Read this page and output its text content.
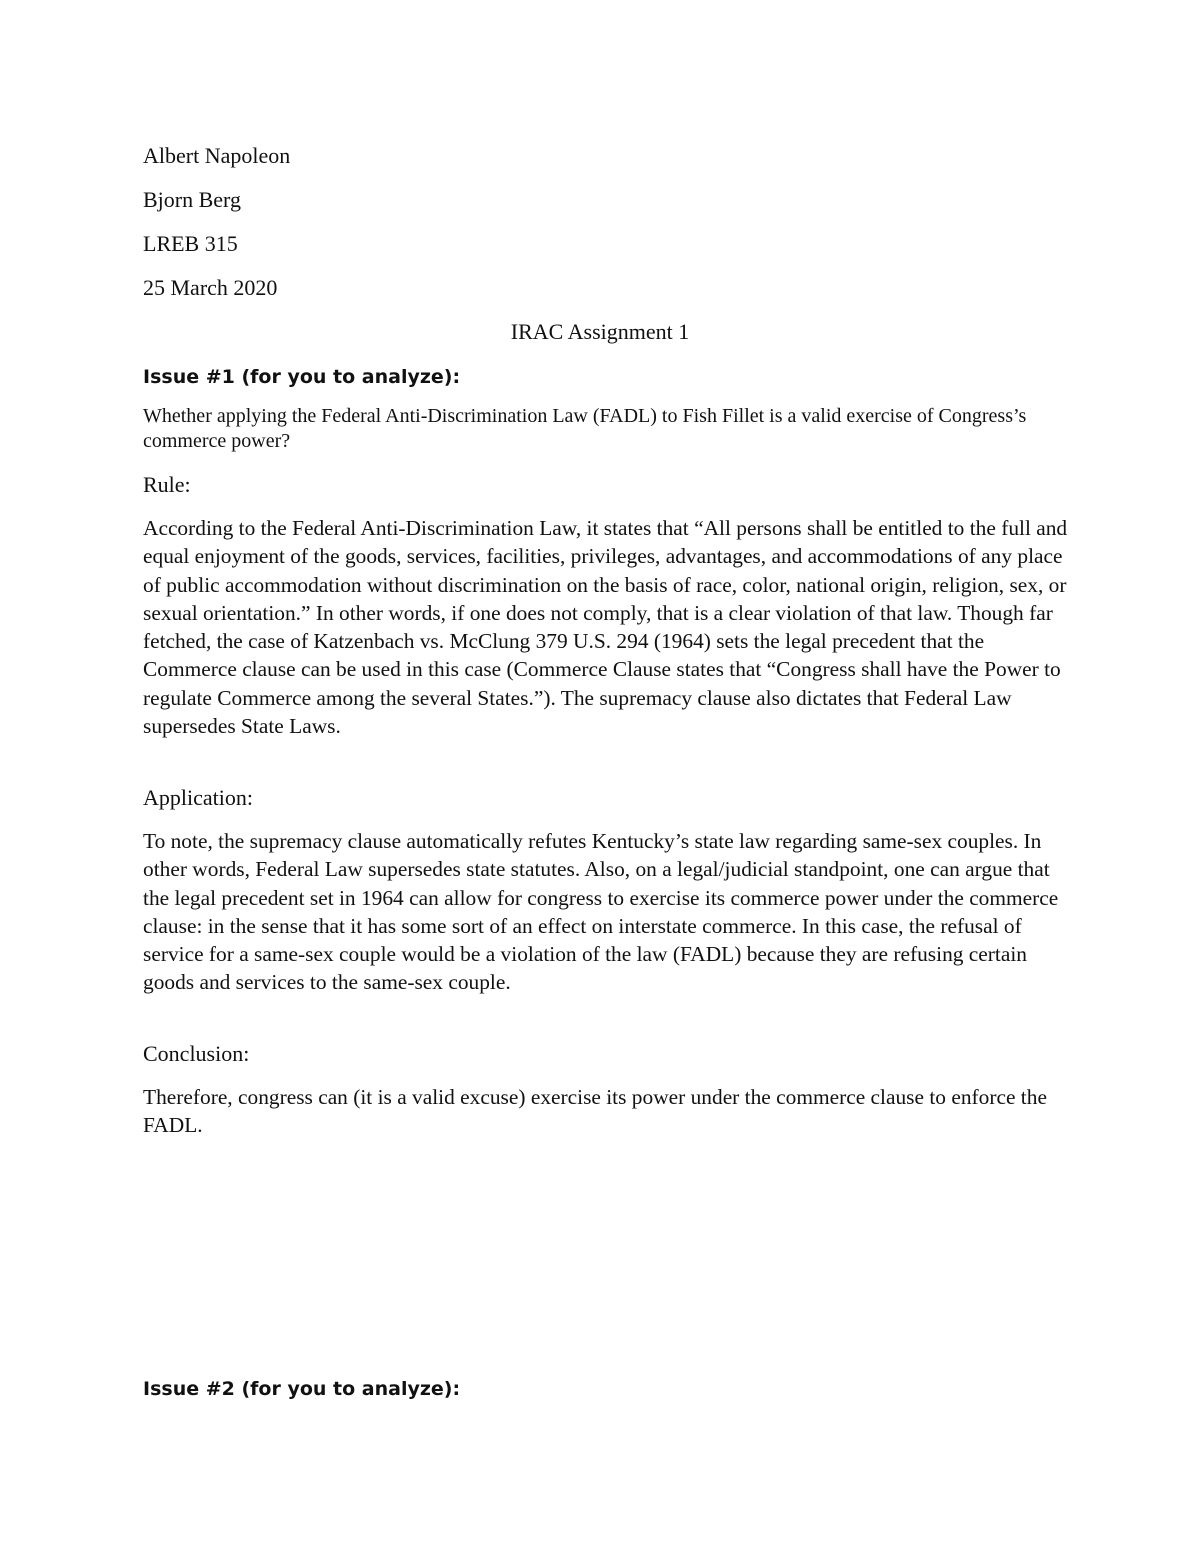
Albert Napoleon

Bjorn Berg

LREB 315

25 March 2020

IRAC Assignment 1

Issue #1 (for you to analyze):

Whether applying the Federal Anti-Discrimination Law (FADL) to Fish Fillet is a valid exercise of Congress’s commerce power?

Rule:

According to the Federal Anti-Discrimination Law, it states that “All persons shall be entitled to the full and equal enjoyment of the goods, services, facilities, privileges, advantages, and accommodations of any place of public accommodation without discrimination on the basis of race, color, national origin, religion, sex, or sexual orientation.” In other words, if one does not comply, that is a clear violation of that law. Though far fetched, the case of Katzenbach vs. McClung 379 U.S. 294 (1964) sets the legal precedent that the Commerce clause can be used in this case (Commerce Clause states that “Congress shall have the Power to regulate Commerce among the several States.”). The supremacy clause also dictates that Federal Law supersedes State Laws.

Application:

To note, the supremacy clause automatically refutes Kentucky’s state law regarding same-sex couples. In other words, Federal Law supersedes state statutes. Also, on a legal/judicial standpoint, one can argue that the legal precedent set in 1964 can allow for congress to exercise its commerce power under the commerce clause: in the sense that it has some sort of an effect on interstate commerce. In this case, the refusal of service for a same-sex couple would be a violation of the law (FADL) because they are refusing certain goods and services to the same-sex couple.

Conclusion:

Therefore, congress can (it is a valid excuse) exercise its power under the commerce clause to enforce the FADL.

Issue #2 (for you to analyze):
